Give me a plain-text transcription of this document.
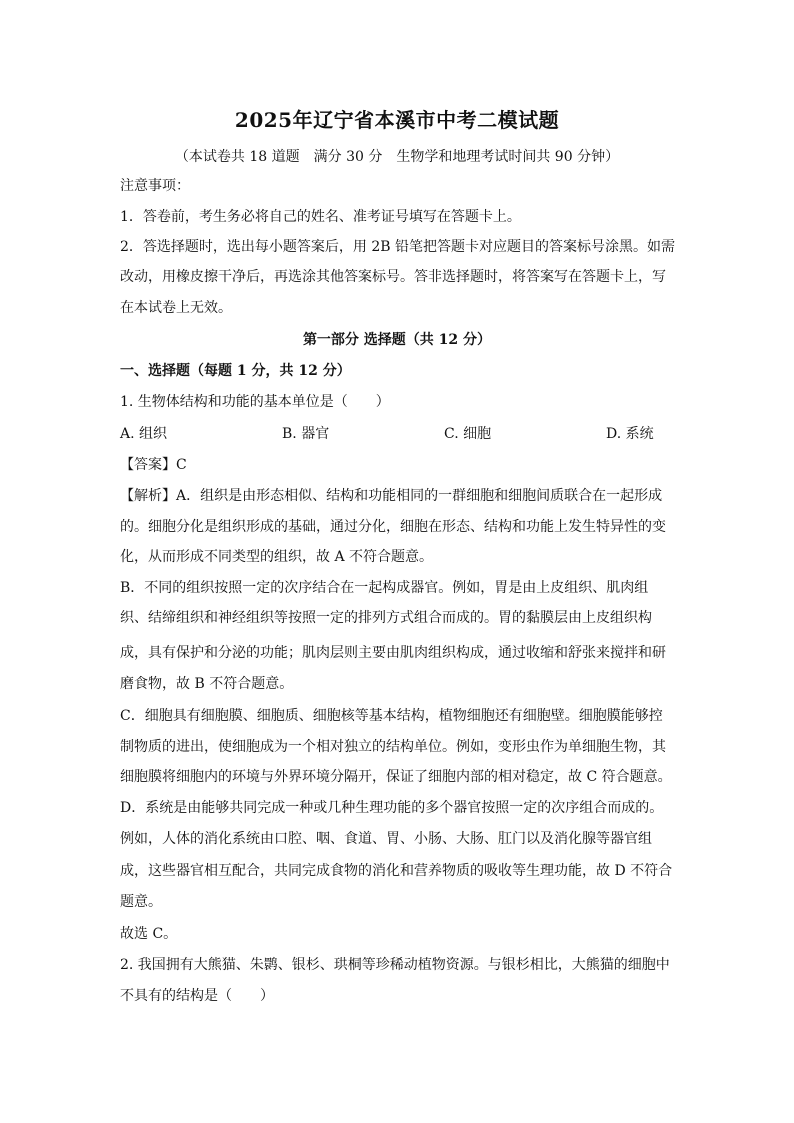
2025年辽宁省本溪市中考二模试题
（本试卷共 18 道题　满分 30 分　生物学和地理考试时间共 90 分钟）
注意事项：
1．答卷前，考生务必将自己的姓名、准考证号填写在答题卡上。
2．答选择题时，选出每小题答案后，用 2B 铅笔把答题卡对应题目的答案标号涂黑。如需
改动，用橡皮擦干净后，再选涂其他答案标号。答非选择题时，将答案写在答题卡上，写
在本试卷上无效。
第一部分 选择题（共 12 分）
一、选择题（每题 1 分，共 12 分）
1. 生物体结构和功能的基本单位是（　　）
A. 组织	B. 器官	C. 细胞	D. 系统
【答案】C
【解析】A．组织是由形态相似、结构和功能相同的一群细胞和细胞间质联合在一起形成
的。细胞分化是组织形成的基础，通过分化，细胞在形态、结构和功能上发生特异性的变
化，从而形成不同类型的组织，故 A 不符合题意。
B．不同的组织按照一定的次序结合在一起构成器官。例如，胃是由上皮组织、肌肉组
织、结缔组织和神经组织等按照一定的排列方式组合而成的。胃的黏膜层由上皮组织构
成，具有保护和分泌的功能；肌肉层则主要由肌肉组织构成，通过收缩和舒张来搅拌和研
磨食物，故 B 不符合题意。
C．细胞具有细胞膜、细胞质、细胞核等基本结构，植物细胞还有细胞壁。细胞膜能够控
制物质的进出，使细胞成为一个相对独立的结构单位。例如，变形虫作为单细胞生物，其
细胞膜将细胞内的环境与外界环境分隔开，保证了细胞内部的相对稳定，故 C 符合题意。
D．系统是由能够共同完成一种或几种生理功能的多个器官按照一定的次序组合而成的。
例如，人体的消化系统由口腔、咽、食道、胃、小肠、大肠、肛门以及消化腺等器官组
成，这些器官相互配合，共同完成食物的消化和营养物质的吸收等生理功能，故 D 不符合
题意。
故选 C。
2. 我国拥有大熊猫、朱鹮、银杉、珙桐等珍稀动植物资源。与银杉相比，大熊猫的细胞中
不具有的结构是（　　）
